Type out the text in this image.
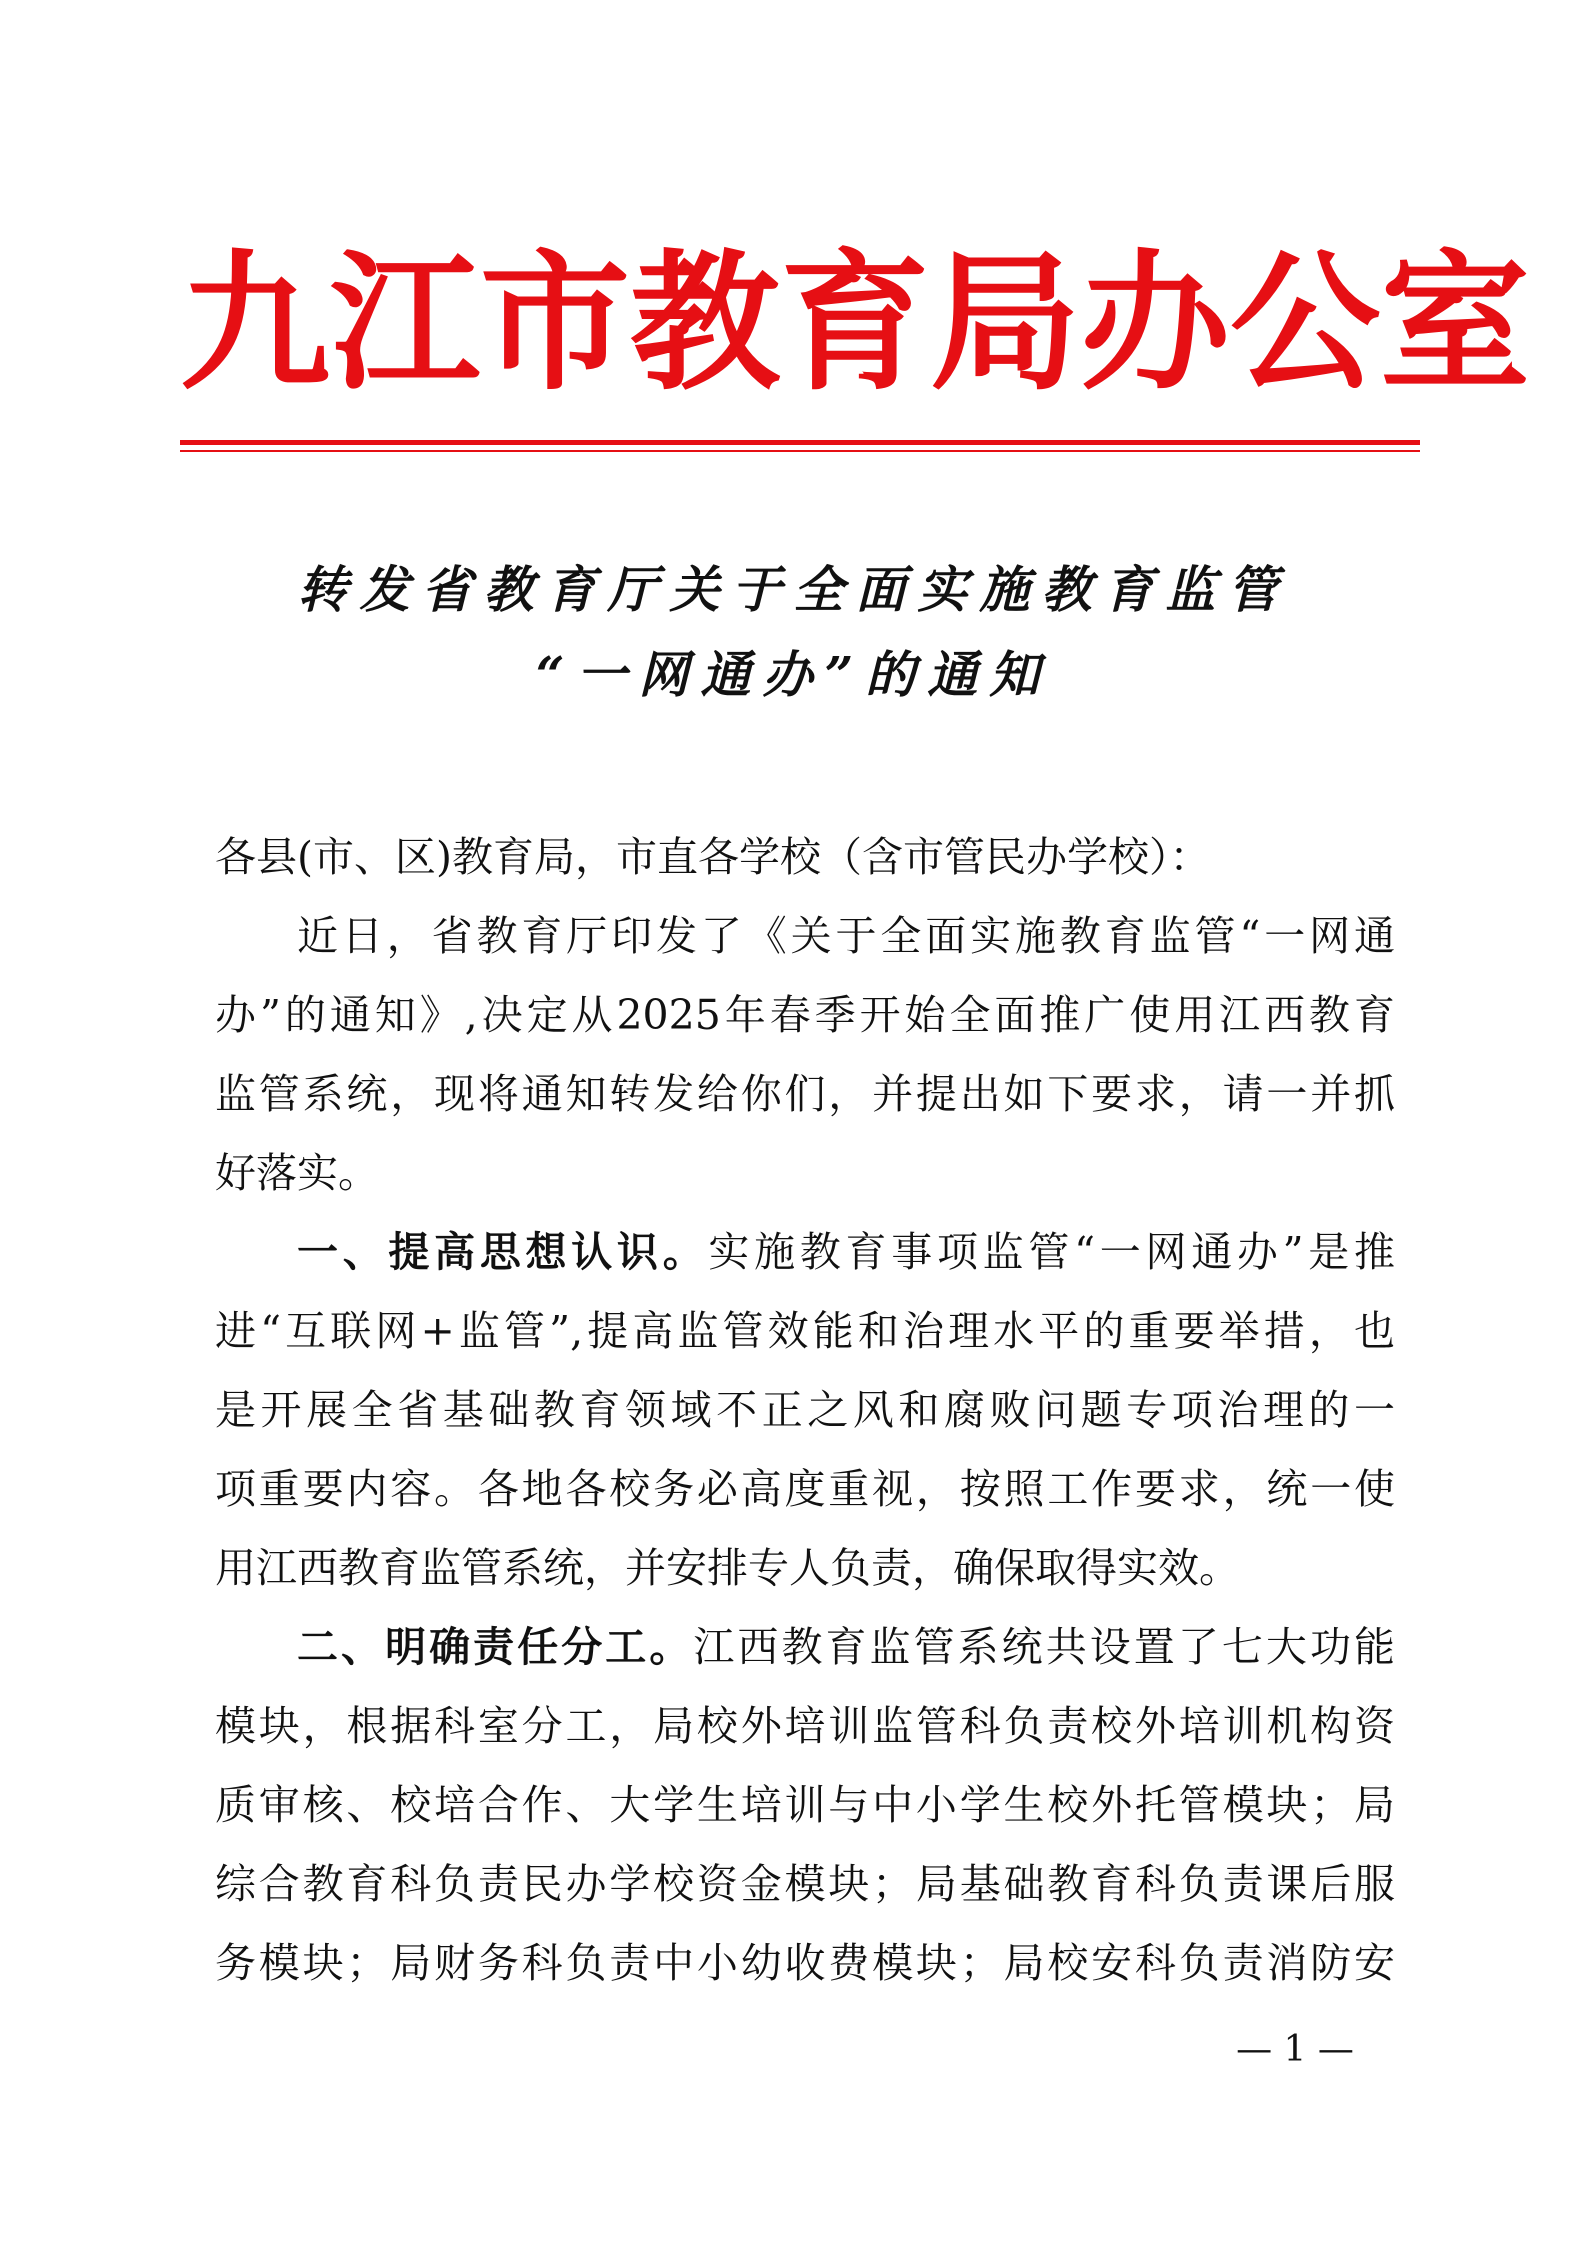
九 江 市 教 育 局 办 公 室
转发省教育厅关于全面实施教育监管
“一网通办”的通知
各县(市、区)教育局，市直各学校（含市管民办学校）：
近日，省教育厅印发了《关于全面实施教育监管“一网通
办”的通知》,决定从2025年春季开始全面推广使用江西教育
监管系统，现将通知转发给你们，并提出如下要求，请一并抓
好落实。
一、提高思想认识。实施教育事项监管“一网通办”是推
进“互联网+监管”,提高监管效能和治理水平的重要举措，也
是开展全省基础教育领域不正之风和腐败问题专项治理的一
项重要内容。各地各校务必高度重视，按照工作要求，统一使
用江西教育监管系统，并安排专人负责，确保取得实效。
二、明确责任分工。江西教育监管系统共设置了七大功能
模块，根据科室分工，局校外培训监管科负责校外培训机构资
质审核、校培合作、大学生培训与中小学生校外托管模块；局
综合教育科负责民办学校资金模块；局基础教育科负责课后服
务模块；局财务科负责中小幼收费模块；局校安科负责消防安
— 1 —
